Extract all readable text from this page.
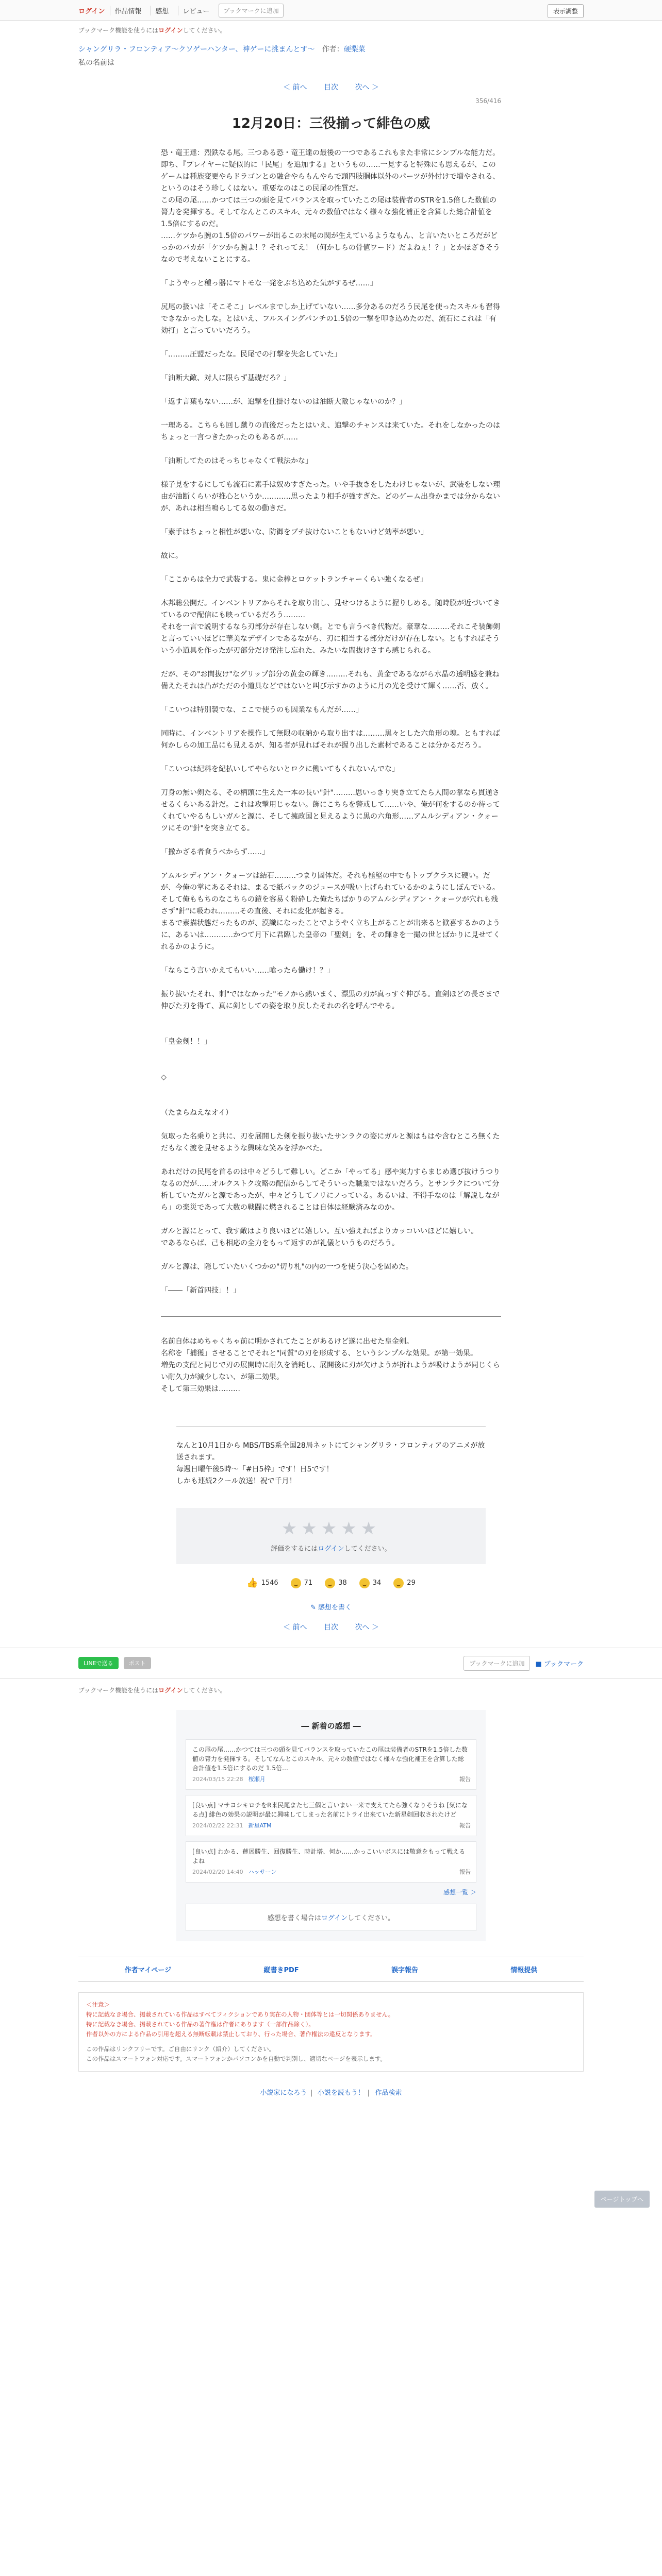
ログイン	作品情報	感想	レビュー	ブックマークに追加	表示調整
ブックマーク機能を使うにはログインしてください。
シャングリラ・フロンティア〜クソゲーハンター、神ゲーに挑まんとす〜 作者：硬梨菜
私の名前は
＜ 前へ 目次 次へ ＞
356/416
12月20日：三役揃って緋色の威

恐・竜王達：烈鉄なる尾。三つある恐・竜王達の最後の一つであるこれもまた非常にシンプルな能力だ。

即ち、『プレイヤーに疑似的に「民尾」を追加する』というもの……一見すると特殊にも思えるが、このゲームは種族変更やらドラゴンとの融合やらもんやらで頭四肢胴体以外のパーツが外付けで増やされる、というのはそう珍しくはない。重要なのはこの民尾の性質だ。

この尾の尾……かつては三つの頭を見てバランスを取っていたこの尾は装備者のSTRを1.5倍した数値の膂力を発揮する。そしてなんとこのスキル、元々の数値ではなく様々な強化補正を含算した総合計値を1.5倍にするのだ。

……ケツから腕の1.5倍のパワーが出るこの末尾の関が生えているようなもん、と言いたいところだがどっかのバカが「ケツから腕よ！？それってえ！（何かしらの骨値ワード）だよねぇ！？」とかほざきそうなので考えないことにする。

「ようやっと種っ器にマトモな一発をぶち込めた気がするぜ……」

尻尾の扱いは「そこそこ」レベルまでしか上げていない……多分あるのだろう民尾を使ったスキルも習得できなかったしな。とはいえ、フルスイングパンチの1.5倍の一撃を叩き込めたのだ、流石にこれは「有効打」と言っていいだろう。

「………圧盟だったな。民尾での打撃を失念していた」

「油断大敵、対人に限らず基礎だろ？」

「返す言葉もない……が、追撃を仕掛けないのは油断大敵じゃないのか？」

一理ある。こちらも回し蹴りの直後だったとはいえ、追撃のチャンスは来ていた。それをしなかったのはちょっと一言つきたかったのもあるが……

「油断してたのはそっちじゃなくて戦法かな」

様子見をするにしても流石に素手は奴めすぎたった。いや手抜きをしたわけじゃないが、武装をしない理由が油断くらいが推心というか…………思ったより相手が強すぎた。どのゲーム出身かまでは分からないが、あれは相当鳴らしてる奴の動きだ。

「素手はちょっと相性が悪いな、防御をブチ抜けないこともないけど効率が悪い」

故に。

「ここからは全力で武装する。鬼に金棒とロケットランチャーくらい強くなるぜ」

木邦聡公開だ。インベントリアからそれを取り出し、見せつけるように握りしめる。随時膜が近づいてきているので配信にも映っているだろう………

それを一言で説明するなら刃部分が存在しない剣。とでも言うべき代物だ。豪華な………それこそ装飾剣と言っていいほどに華美なデザインであるながら、刃に相当する部分だけが存在しない。ともすればそういう小道具を作ったが刃部分だけ発注し忘れた、みたいな間抜けさすら感じられる。

だが、その"お間抜け"なグリップ部分の黄金の輝き………それも、黄金であるながら水晶の透明感を兼ね備えたそれは凸がただの小道具などではないと叫び示すかのように月の光を受けて輝く……否、放く。

「こいつは特別製でな、ここで使うのも因業なもんだが……」

同時に、インベントリアを操作して無限の収納から取り出すは………黒々とした六角形の塊。ともすれば何かしらの加工品にも見えるが、知る者が見ればそれが握り出した素材であることは分かるだろう。

「こいつは紀料を紀払いしてやらないとロクに働いてもくれないんでな」

刀身の無い剣たる、その柄頭に生えた一本の長い"針"………思いっきり突き立てたら人間の掌なら貫通させるくらいある針だ。これは攻撃用じゃない。飾にこちらを警戒して……いや、俺が何をするのか待ってくれていやるもしいガルと源に、そして擁政国と見えるように黒の六角形……アムルシディアン・クォーツにその"針"を突き立てる。

「撒かざる者食うべからず……」

アムルシディアン・クォーツは結石………つまり固体だ。それも極堅の中でもトップクラスに硬い。だが、今俺の掌にあるそれは、まるで紙パックのジュースが吸い上げられているかのようにしぼんでいる。そして俺ももちのなこちらの鎧を容易く粉砕した俺たちばかりのアムルシディアン・クォーツが穴れも残さず"針"に吸われ………その直後、それに変化が起きる。

まるで素描状態だったものが、漠識になったことでようやく立ち上がることが出来ると歓喜するかのように、あるいは…………かつて月下に君臨した皇帝の「聖剣」を、その輝きを一撮の世とばかりに見せてくれるかのように。

「ならこう言いかえてもいい……喰ったら働け！？」

振り抜いたそれ、刺"ではなかった"モノから熱いまく、漂黒の刃が真っすぐ伸びる。直剣ほどの長さまで伸びた刃を得て、真に剣としての姿を取り戻したそれの名を呼んでやる。

「皇金剣！！」

◇

（たまらねえなオイ）

気取った名乗りと共に、刃を展開した剣を振り抜いたサンラクの姿にガルと源はもはや含むところ無くただもなく渡を見せるような興味な笑みを浮かべた。

あれだけの民尾を首るのは中々どうして難しい。どこか「やってる」感や実力すらまじめ選び抜けうつりなるのだが……オルクストク攻略の配信からしてそういった職業ではないだろう。とサンラクについて分析していたガルと源であったが、中々どうしてノリにノっている。あるいは、不得手なのは「解説しながら」の楽災であって大数の戦闘に燃されることは自体は経験済みなのか。

ガルと源にとって、我す敵はより良いほどに嬉しい。互い強えればよりカッコいいほどに嬉しい。

であるならば、己も相応の全力をもって返すのが礼儀というものだろう。

ガルと源は、隠していたいくつかの"切り札"の内の一つを使う決心を固めた。

「――「新首四技」！」

名前自体はめちゃくちゃ前に明かされてたことがあるけど遂に出せた皇金剣。

名称を「捕獲」させることでそれと"同質"の刃を形成する、というシンプルな効果。が第一効果。

増先の支配と同じで刃の展開時に耐久を消耗し、展開後に刃が欠けようが折れようが吸けようが同じくらい耐久力が減少しない、が第二効果。

そして第三効果は………

ページトップへ

なんと10月1日から MBS/TBS系全国28局ネットにてシャングリラ・フロンティアのアニメが放送されます。

毎週日曜午後5時〜「#日5枠」です！日5です！

しかも連続2クール放送！祝で千月！

★★★★★
評価をするにはログインしてください。
👍 1546	71	38	34	29
✎ 感想を書く
＜ 前へ 目次 次へ ＞
LINEで送る	ポスト	ブックマークに追加	■ ブックマーク
ブックマーク機能を使うにはログインしてください。
― 新着の感想 ―
この尾の尾……かつては三つの頭を見てバランスを取っていたこの尾は装備者のSTRを1.5倍した数値の膂力を発揮する。そしてなんとこのスキル、元々の数値ではなく様々な強化補正を含算した総合計値を1.5倍にするのだ 1.5倍…
2024/03/15 22:28 桜瀬月	報告
[良い点] マサヨシキロチをR来民尾また七三個と言いまい一来で支えてたら強くなりそうね [気になる点] 緋色の効果の説明が最に興味してしまった名前にトライ出来ていた新星剣回収されたけど
2024/02/22 22:31 新星ATM	報告
[良い点] わかる、蓮展勝生、回復勝生、時計塔、何か……かっこいいボスには敬意をもって戦えるよね
2024/02/20 14:40 ハッサーン	報告
感想一覧 ＞
感想を書く場合はログインしてください。
作者マイページ	縦書きPDF	誤字報告	情報提供
＜注意＞
特に記載なき場合、掲載されている作品はすべてフィクションであり実在の人物・団体等とは一切関係ありません。
特に記載なき場合、掲載されている作品の著作権は作者にあります（一部作品除く）。
作者以外の方による作品の引用を超える無断転載は禁止しており、行った場合、著作権法の違反となります。
この作品はリンクフリーです。ご自由にリンク（紹介）してください。
この作品はスマートフォン対応です。スマートフォンかパソコンかを自動で判別し、適切なページを表示します。
小説家になろう | 小説を読もう！ | 作品検索
